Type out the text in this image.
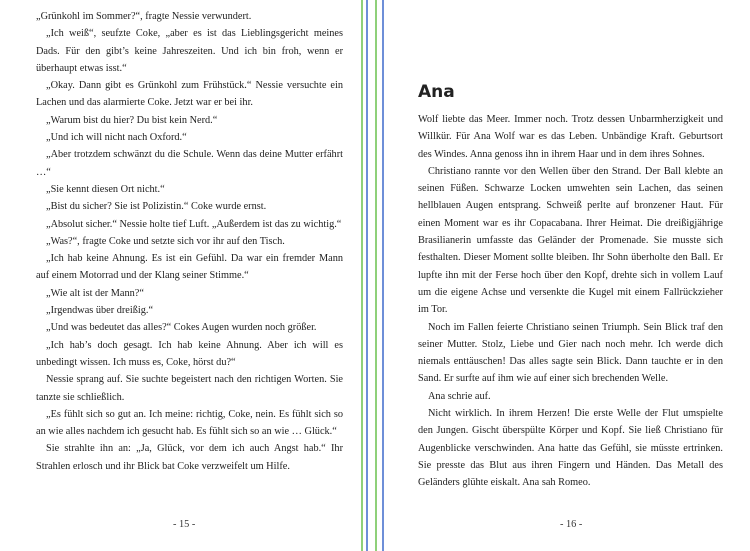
„Grünkohl im Sommer?“, fragte Nessie verwundert.

„Ich weiß“, seufzte Coke, „aber es ist das Lieblingsgericht meines Dads. Für den gibt’s keine Jahreszeiten. Und ich bin froh, wenn er überhaupt etwas isst.“

„Okay. Dann gibt es Grünkohl zum Frühstück.“ Nessie versuchte ein Lachen und das alarmierte Coke. Jetzt war er bei ihr.

„Warum bist du hier? Du bist kein Nerd.“

„Und ich will nicht nach Oxford.“

„Aber trotzdem schwänzt du die Schule. Wenn das deine Mutter erfährt …“

„Sie kennt diesen Ort nicht.“

„Bist du sicher? Sie ist Polizistin.“ Coke wurde ernst.

„Absolut sicher.“ Nessie holte tief Luft. „Außerdem ist das zu wichtig.“

„Was?“, fragte Coke und setzte sich vor ihr auf den Tisch.

„Ich hab keine Ahnung. Es ist ein Gefühl. Da war ein fremder Mann auf einem Motorrad und der Klang seiner Stimme.“

„Wie alt ist der Mann?“

„Irgendwas über dreißig.“

„Und was bedeutet das alles?“ Cokes Augen wurden noch größer.

„Ich hab’s doch gesagt. Ich hab keine Ahnung. Aber ich will es unbedingt wissen. Ich muss es, Coke, hörst du?“

Nessie sprang auf. Sie suchte begeistert nach den richtigen Worten. Sie tanzte sie schließlich.

„Es fühlt sich so gut an. Ich meine: richtig, Coke, nein. Es fühlt sich so an wie alles nachdem ich gesucht hab. Es fühlt sich so an wie … Glück.“

Sie strahlte ihn an: „Ja, Glück, vor dem ich auch Angst hab.“ Ihr Strahlen erlosch und ihr Blick bat Coke verzweifelt um Hilfe.

- 15 -
Ana

Wolf liebte das Meer. Immer noch. Trotz dessen Unbarmherzigkeit und Willkür. Für Ana Wolf war es das Leben. Unbändige Kraft. Geburtsort des Windes. Anna genoss ihn in ihrem Haar und in dem ihres Sohnes.

Christiano rannte vor den Wellen über den Strand. Der Ball klebte an seinen Füßen. Schwarze Locken umwehten sein Lachen, das seinen hellblauen Augen entsprang. Schweiß perlte auf bronzener Haut. Für einen Moment war es ihr Copacabana. Ihrer Heimat. Die dreißigjährige Brasilianerin umfasste das Geländer der Promenade. Sie musste sich festhalten. Dieser Moment sollte bleiben. Ihr Sohn überholte den Ball. Er lupfte ihn mit der Ferse hoch über den Kopf, drehte sich in vollem Lauf um die eigene Achse und versenkte die Kugel mit einem Fallrückzieher im Tor.

Noch im Fallen feierte Christiano seinen Triumph. Sein Blick traf den seiner Mutter. Stolz, Liebe und Gier nach noch mehr. Ich werde dich niemals enttäuschen! Das alles sagte sein Blick. Dann tauchte er in den Sand. Er surfte auf ihm wie auf einer sich brechenden Welle.

Ana schrie auf.

Nicht wirklich. In ihrem Herzen! Die erste Welle der Flut umspielte den Jungen. Gischt überspülte Körper und Kopf. Sie ließ Christiano für Augenblicke verschwinden. Ana hatte das Gefühl, sie müsste ertrinken. Sie presste das Blut aus ihren Fingern und Händen. Das Metall des Geländers glühte eiskalt. Ana sah Romeo.

- 16 -
